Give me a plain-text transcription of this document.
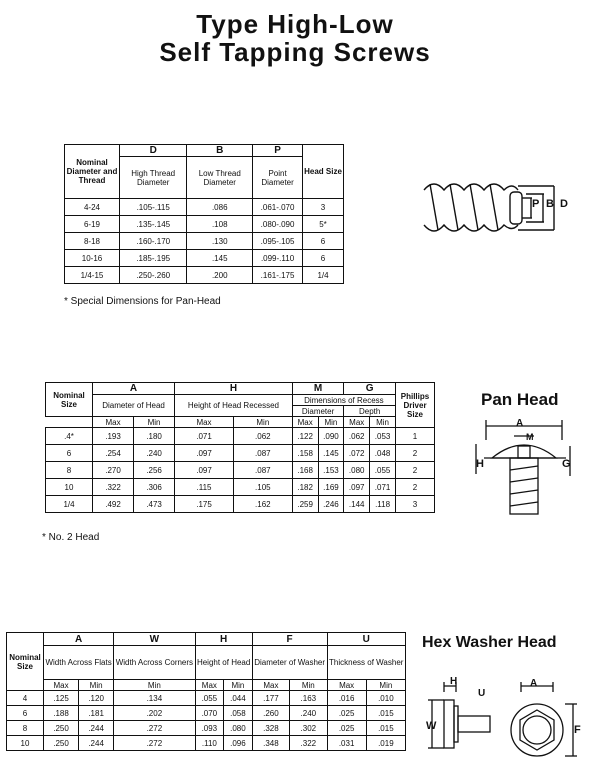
Type High-Low
Self Tapping Screws
Nominal Diameter and Thread	D	B	P	Head Size
	High Thread Diameter	Low Thread Diameter	Point Diameter	
4-24	.105-.115	.086	.061-.070	3
6-19	.135-.145	.108	.080-.090	5*
8-18	.160-.170	.130	.095-.105	6
10-16	.185-.195	.145	.099-.110	6
1/4-15	.250-.260	.200	.161-.175	1/4
* Special Dimensions for Pan-Head
P B D
Nominal Size	A		H		M		G		Phillips Driver Size
	Diameter of Head		Height of Head Recessed		Dimensions of Recess				
					Diameter		Depth		
	Max	Min	Max	Min	Max	Min	Max	Min	
.4*	.193	.180	.071	.062	.122	.090	.062	.053	1
6	.254	.240	.097	.087	.158	.145	.072	.048	2
8	.270	.256	.097	.087	.168	.153	.080	.055	2
10	.322	.306	.115	.105	.182	.169	.097	.071	2
1/4	.492	.473	.175	.162	.259	.246	.144	.118	3
* No. 2 Head
Pan Head
A
M
H	G
Nominal Size	A		W	H		F		U	
	Width Across Flats		Width Across Corners	Height of Head		Diameter of Washer		Thickness of Washer	
	Max	Min	Min	Max	Min	Max	Min	Max	Min
4	.125	.120	.134	.055	.044	.177	.163	.016	.010
6	.188	.181	.202	.070	.058	.260	.240	.025	.015
8	.250	.244	.272	.093	.080	.328	.302	.025	.015
10	.250	.244	.272	.110	.096	.348	.322	.031	.019
Hex Washer Head
H
U
W
A
F
